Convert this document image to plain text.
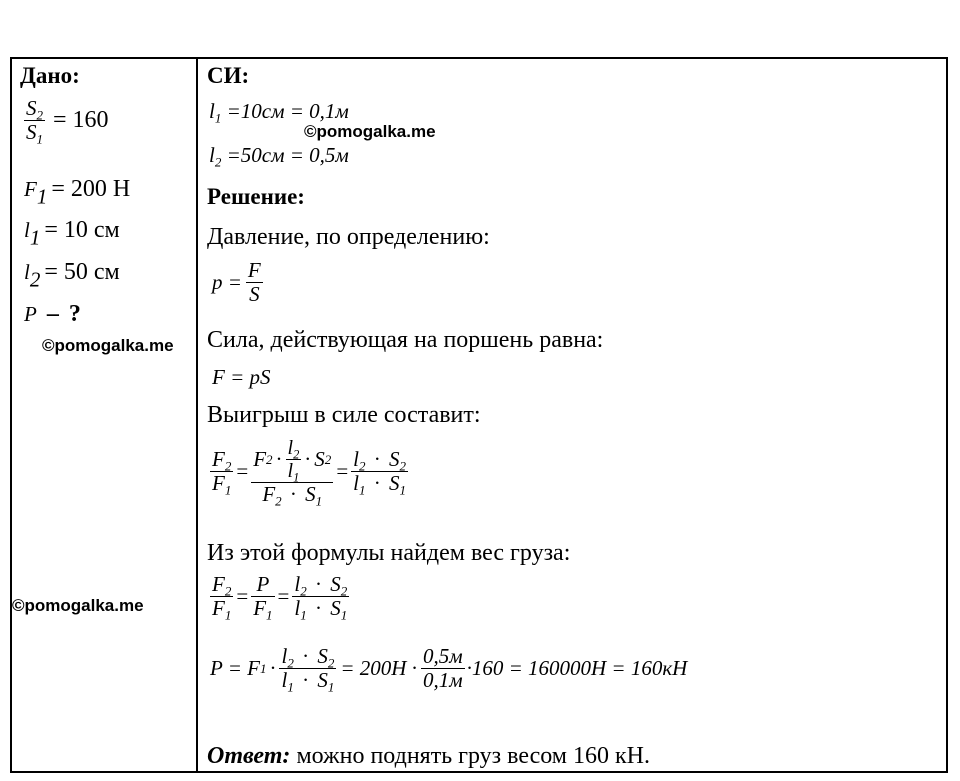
Дано:
$\frac{S_2}{S_1} = 160$
$F_1 = 200$ Н
$l_1 = 10$ см
$l_2 = 50$ см
P – ?
©pomogalka.me
©pomogalka.me
СИ:
$l_1 =10см = 0,1м$
©pomogalka.me
$l_2 =50см = 0,5м$
Решение:
Давление, по определению:
$p = \frac{F}{S}$
Сила, действующая на поршень равна:
F = pS
Выигрыш в силе составит:
$\frac{F_2}{F_1}$ =
F $2 \cdot \frac{l_2}{l_1} \cdot S$ 2
$F_2 \cdot S_1$
= $\frac{l_2 \cdot S_2}{l_1 \cdot S_1}$
Из этой формулы найдем вес груза:
$\frac{F_2}{F_1} = \frac{P}{F_1} = \frac{l_2 \cdot S_2}{l_1 \cdot S_1}$
P = F $1 \cdot \frac{l_2 \cdot S_2}{l_1 \cdot S_1} = 200H \cdot \frac{0,5м}{0,1м} \cdot 160 = 160000H = 160кН$
Ответ: можно поднять груз весом 160 кН.
